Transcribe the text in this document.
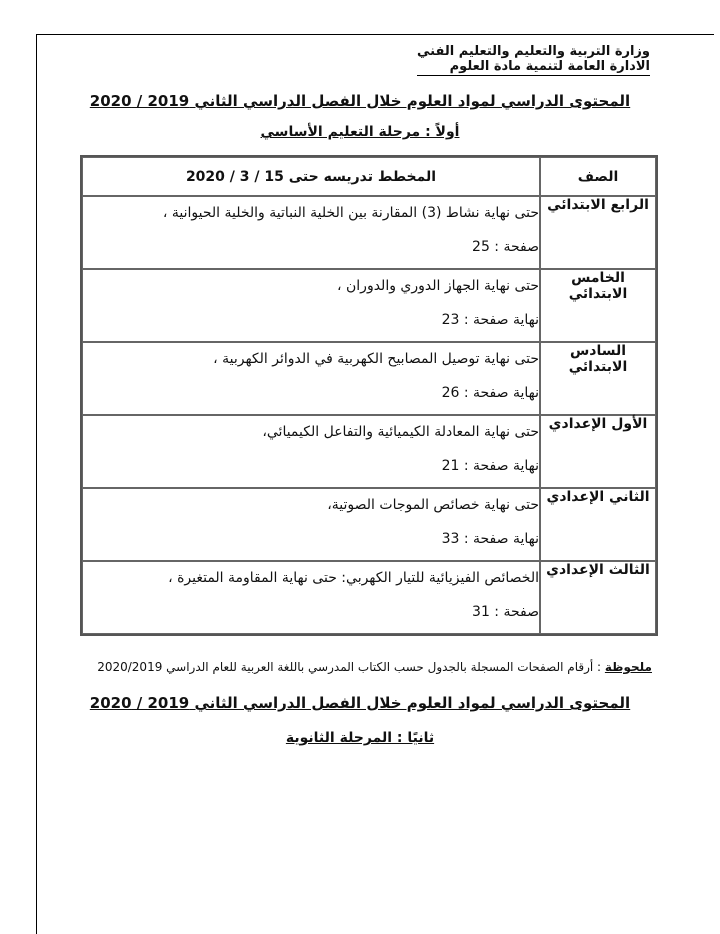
وزارة التربية والتعليم والتعليم الفني
الادارة العامة لتنمية مادة العلوم
المحتوى الدراسي لمواد العلوم خلال الفصل الدراسي الثاني 2019 / 2020
أولاً : مرحلة التعليم الأساسي
الصف	المخطط تدريسه حتى 15 / 3 / 2020
الرابع الابتدائي	حتى نهاية نشاط (3) المقارنة بين الخلية النباتية والخلية الحيوانية ،
صفحة : 25

الخامس الابتدائي	حتى نهاية الجهاز الدوري والدوران ،
نهاية صفحة : 23

السادس الابتدائي	حتى نهاية توصيل المصابيح الكهربية في الدوائر الكهربية ،
نهاية صفحة : 26

الأول الإعدادي	حتى نهاية المعادلة الكيميائية والتفاعل الكيميائي،
نهاية صفحة : 21

الثاني الإعدادي	حتى نهاية خصائص الموجات الصوتية،
نهاية صفحة : 33

الثالث الإعدادي	الخصائص الفيزيائية للتيار الكهربي: حتى نهاية المقاومة المتغيرة ،
صفحة : 31
ملحوظة : أرقام الصفحات المسجلة بالجدول حسب الكتاب المدرسي باللغة العربية للعام الدراسي 2020/2019
المحتوى الدراسي لمواد العلوم خلال الفصل الدراسي الثاني 2019 / 2020
ثانيًا : المرحلة الثانوية
